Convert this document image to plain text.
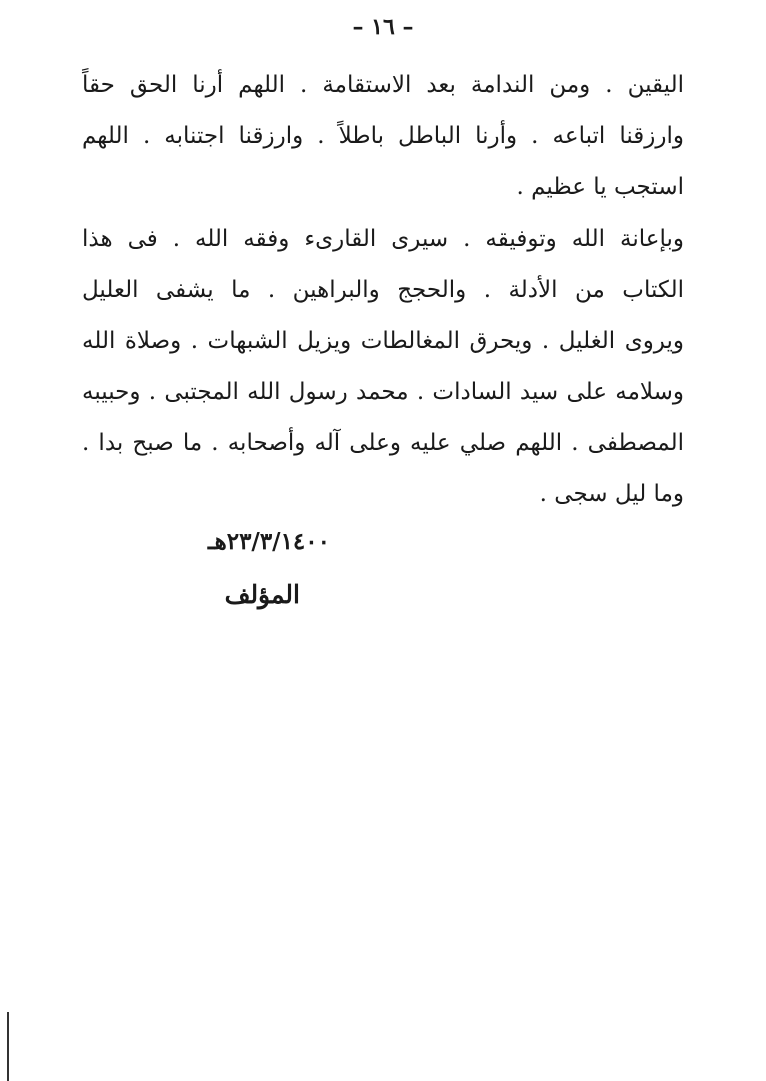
– ١٦ –
اليقين . ومن الندامة بعد الاستقامة . اللهم أرنا الحق حقاً
وارزقنا اتباعه . وأرنا الباطل باطلاً . وارزقنا اجتنابه . اللهم
استجب يا عظيم .
وبإعانة الله وتوفيقه . سيرى القارىء وفقه الله . فى هذا
الكتاب من الأدلة . والحجج والبراهين . ما يشفى العليل
ويروى الغليل . ويحرق المغالطات ويزيل الشبهات . وصلاة الله
وسلامه على سيد السادات . محمد رسول الله المجتبى . وحبيبه
المصطفى . اللهم صلي عليه وعلى آله وأصحابه . ما صبح بدا .
وما ليل سجى .
٢٣/٣/١٤٠٠هـ
المؤلف
